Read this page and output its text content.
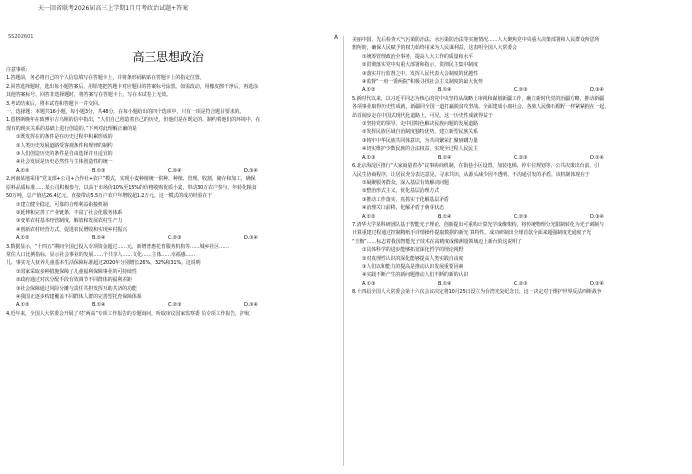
天一回省联考2026届高三上学期1月月考政治试题+答案
SS202601	A
高三思想政治

注意事项：

1.答题前，务必将自己的个人信息填写在答题卡上，并将条形码粘贴在答题卡上的指定位置。

2.回答选择题时，选出每小题答案后，用铅笔把答题卡对应题目的答案标号涂黑。如需改动，用橡皮擦干净后，再选涂

其他答案标号。回答非选择题时，将答案写在答题卡上，写在本试卷上无效。

3.考试结束后，将本试卷和答题卡一并交回。

一、选择题：本题共16小题，每小题3分，共48分。在每小题给出的四个选项中，只有一项是符合题目要求的。

1.恩格斯晚年在致博尔吉乌斯的信中指出，“人们自己创造着自己的历史，但他们是在既定的、制约着他们的环境中，在

现有的现实关系的基础上进行创造的。”下列对此理解正确的是

①既发挥在的条件是在历史过程中积累形成的

②人类历史发展道路受客观条件和规律的制约

③人们创造历史的条件是自由选择并且适宜的

④社会发展是历史必然性与主体创造性的统一

A.①②	B.①③	C.②④	D.③④

2.河南某地采用“党支部+公司+合作社+农户”模式，实现小麦种植统一供种、种植、管理、收割，储存和加工，确保

原料品质标准……某公司积极参与，以高于市场价10%至15%的价格收购优质小麦，带动30万农户参与，年转化粮食

50万吨，总产值达26.4亿元，直接带动5.5万户农户年增收超1.2万元。这一模式的成功经验在于

①建立健全稳定、可靠的合理利益衔接机制

②延伸和完善了产业链条，丰富了社会化服务体系

③变革农村基本经营制度，解放和发展农村生产力

④创新农村经营方式，促进农民增收和实现乡村振兴

A.①②	B.①④	C.②③	D.③④

3.数据显示，“十四五”期间全国已投入专项资金超过……元，新增普惠托育服务机构等……城乡社区……

常住人口比例指标，显示社会事业的发展……个共享人……文化……主体……幸福感……

儿、事实无人抚养儿童基本生活保障标准超过2020年分别增长26%、32%和31%。这说明

①国家采取多种措施保障了儿童福利保障事业的可持续性

②政府通过对次分配手段有效调节不同群体的福利差距

③社会保障通过风险分摊与责任共担发挥互助共济的功能

④我国正逐步构建覆盖不同群体人群的完善型托育保障体系

A.①②	B.①④	C.②③	D.③④

4.近年来，全国人大常委会开展了对“两高”专项工作报告的专题询问，听取审议国家监察委 员专项工作报告，护航

美丽中国，先后检查大气污染防治法、水污染防治法等实施情况……人大聚焦党中央重大决策部署和人民群众所思所

想所盼，确保人民赋予的权力始终用来为人民谋利益，这表明全国人大常委会

①统筹管理政治全事务，提高人大工作的质量和水平

②贯彻落实党中央重大部署和指示，贯彻民主集中制度

③落实并行监督之中，发挥人民代表大会制度的优越性

④监督“一府一委两院”积极寻找社会主义制度的最大优势

A.①②	B.①④	C.②③	D.③④

5.新时代以来，以习近平同志为核心的党中央坚持从战略上审视和谋划新疆工作，确立新时代党的治疆方略，推动新疆

各项事业取得历史性成就，新疆同全国一道打赢脱贫攻坚战、全面建成小康社会，各族人民像石榴籽一样紧紧抱在一起，

昂首阔步走在中国式现代化道路上。可见，这一历史性成就得益于

①坚持党的领导，走中国特色解决民族问题的发展道路

②发挥民族区域自治制度独特优势，建立新型民族关系

③铸牢中华民族共同体意识，为共同繁荣汇聚磅礴力量

④切实维护少数民族的合法权益，实现全过程人民民主

A.①③	B.①④	C.②③	D.②④

6.北京海淀区推行“大家商量着办”议事协商机制，在街巷小区设置，加装电梯、停车位规划等、公共决策出台前，引

入民生协商程序，让居民充分表达意见，寻求共识，从源头减少因不透明、不沟通引发的矛盾。该机制体现在于

①凝聚服务群众，深入基层有效解决问题

②整治形式主义，优化基层治理方式

③推动工作落实，真抓实干化解基层矛盾

④治理关口前移，化解矛盾于萌芽状态

A.①②	B.①④	C.②③	D.③④

7.清华大学某科研团队基于智能光子理论，创新提出可重构计算光学成像架构，将传统物理分光限制转化为光子调制与

计算重建过程通过控制精纸手详情操作提取数据的新光 算特性。成功研制出全球首款全面来超强制度光通度子光

“玉衡”……标志着我国智能光子技术在高精度成像测量领域迈上新台阶这说明了

①具体科学的进步能够拓宽深化哲学的理论视野

②对真理性认识的深化能够提高人类实践自由度

③人们以和能力的提高是推动认识发展重要因素

④实践不断产生的新问题推动人们不断的新的认识

A.①③	B.①④	C.②③	D.②④

8.十四届全国人大常委会第十六次会议决定将10月25日设立为台湾光复纪念日，这一决定对于维护世界反法西斯战争
